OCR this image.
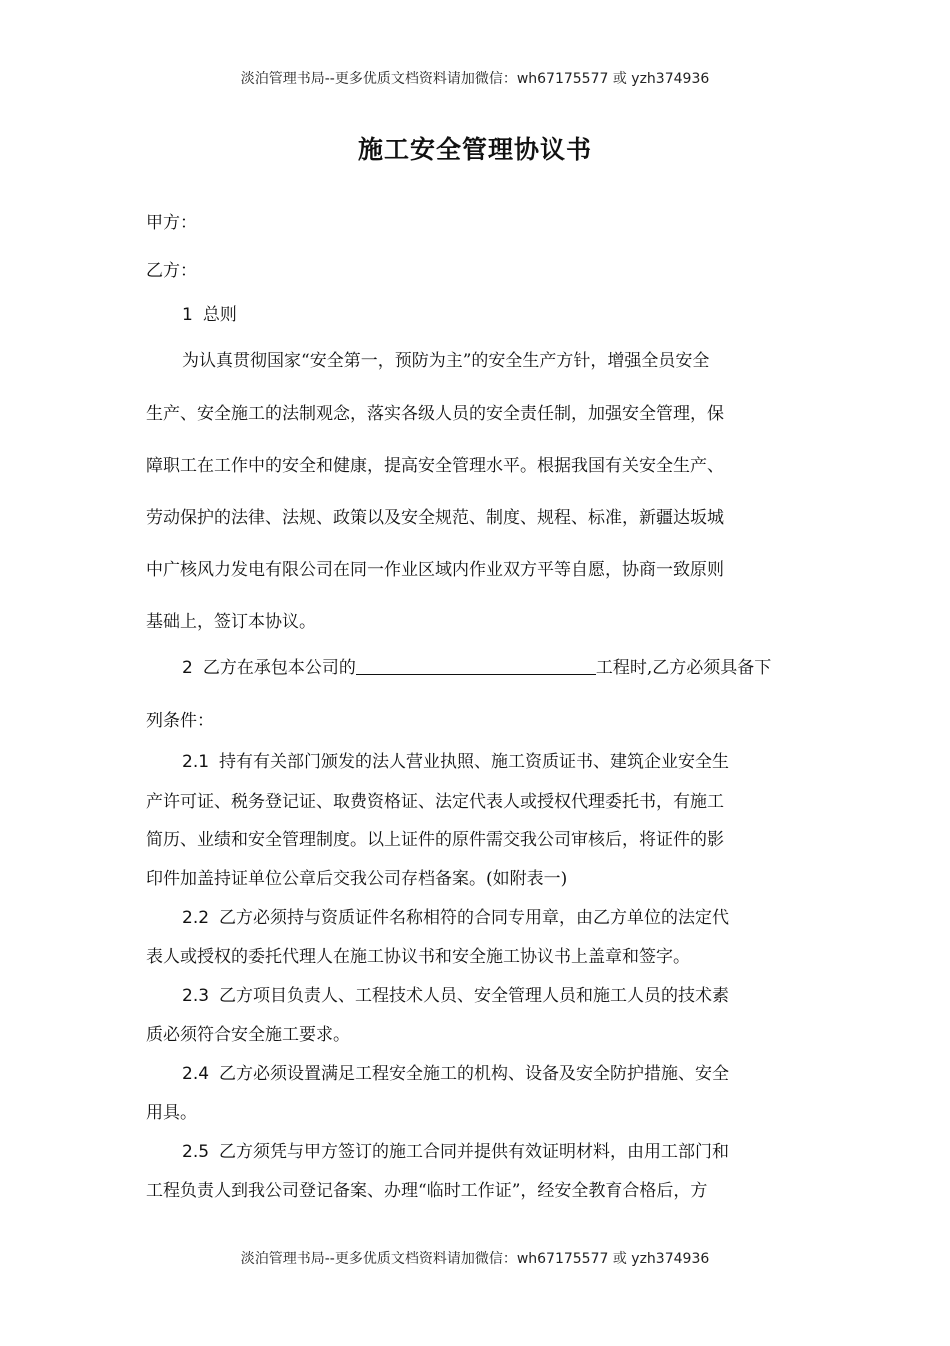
淡泊管理书局--更多优质文档资料请加微信：wh67175577 或 yzh374936
施工安全管理协议书
甲方：
乙方：
1 总则
为认真贯彻国家“安全第一，预防为主”的安全生产方针，增强全员安全
生产、安全施工的法制观念，落实各级人员的安全责任制，加强安全管理，保
障职工在工作中的安全和健康，提高安全管理水平。根据我国有关安全生产、
劳动保护的法律、法规、政策以及安全规范、制度、规程、标准，新疆达坂城
中广核风力发电有限公司在同一作业区域内作业双方平等自愿，协商一致原则
基础上，签订本协议。
2 乙方在承包本公司的	工程时,乙方必须具备下
列条件：
2.1 持有有关部门颁发的法人营业执照、施工资质证书、建筑企业安全生
产许可证、税务登记证、取费资格证、法定代表人或授权代理委托书，有施工
简历、业绩和安全管理制度。以上证件的原件需交我公司审核后，将证件的影
印件加盖持证单位公章后交我公司存档备案。(如附表一)
2.2 乙方必须持与资质证件名称相符的合同专用章，由乙方单位的法定代
表人或授权的委托代理人在施工协议书和安全施工协议书上盖章和签字。
2.3 乙方项目负责人、工程技术人员、安全管理人员和施工人员的技术素
质必须符合安全施工要求。
2.4 乙方必须设置满足工程安全施工的机构、设备及安全防护措施、安全
用具。
2.5 乙方须凭与甲方签订的施工合同并提供有效证明材料，由用工部门和
工程负责人到我公司登记备案、办理“临时工作证”，经安全教育合格后，方
淡泊管理书局--更多优质文档资料请加微信：wh67175577 或 yzh374936
